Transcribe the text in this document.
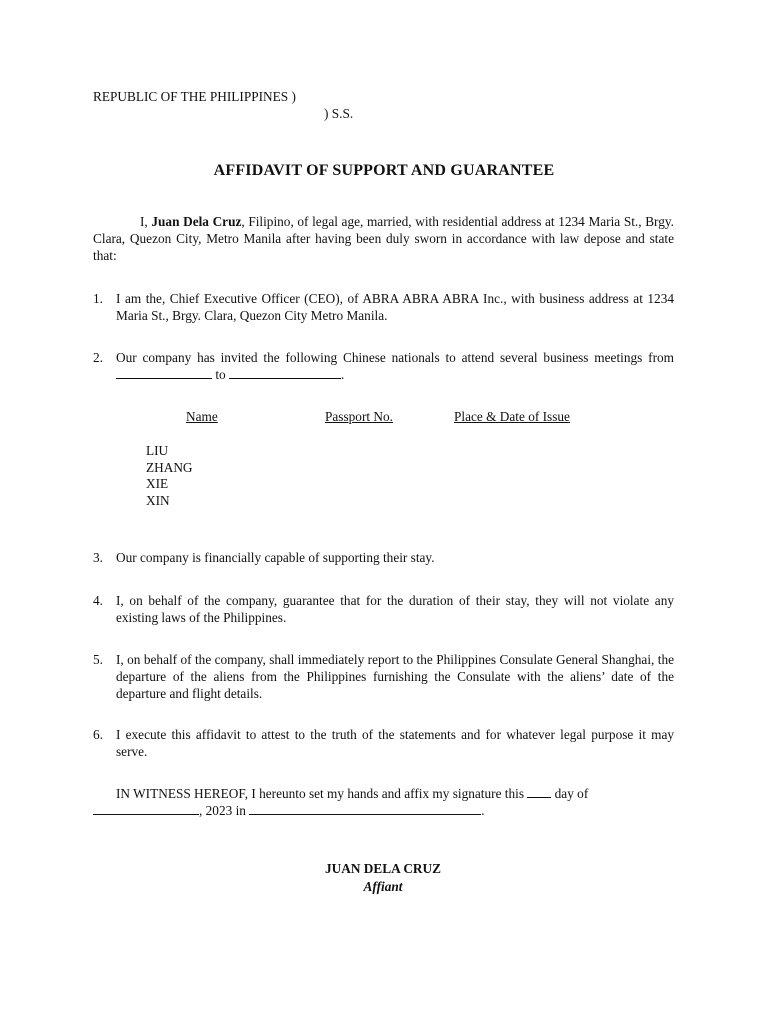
REPUBLIC OF THE PHILIPPINES )
) S.S.
AFFIDAVIT OF SUPPORT AND GUARANTEE
I, Juan Dela Cruz, Filipino, of legal age, married, with residential address at 1234 Maria St., Brgy. Clara, Quezon City, Metro Manila after having been duly sworn in accordance with law depose and state that:
1. I am the, Chief Executive Officer (CEO), of ABRA ABRA ABRA Inc., with business address at 1234 Maria St., Brgy. Clara, Quezon City Metro Manila.
2. Our company has invited the following Chinese nationals to attend several business meetings from  to	.
Name	Passport No.	Place & Date of Issue
LIU
ZHANG
XIE
XIN
3. Our company is financially capable of supporting their stay.
4. I, on behalf of the company, guarantee that for the duration of their stay, they will not violate any existing laws of the Philippines.
5. I, on behalf of the company, shall immediately report to the Philippines Consulate General Shanghai, the departure of the aliens from the Philippines furnishing the Consulate with the aliens’ date of the departure and flight details.
6. I execute this affidavit to attest to the truth of the statements and for whatever legal purpose it may serve.
IN WITNESS HEREOF, I hereunto set my hands and affix my signature this  day of
, 2023 in	.
JUAN DELA CRUZ
Affiant
